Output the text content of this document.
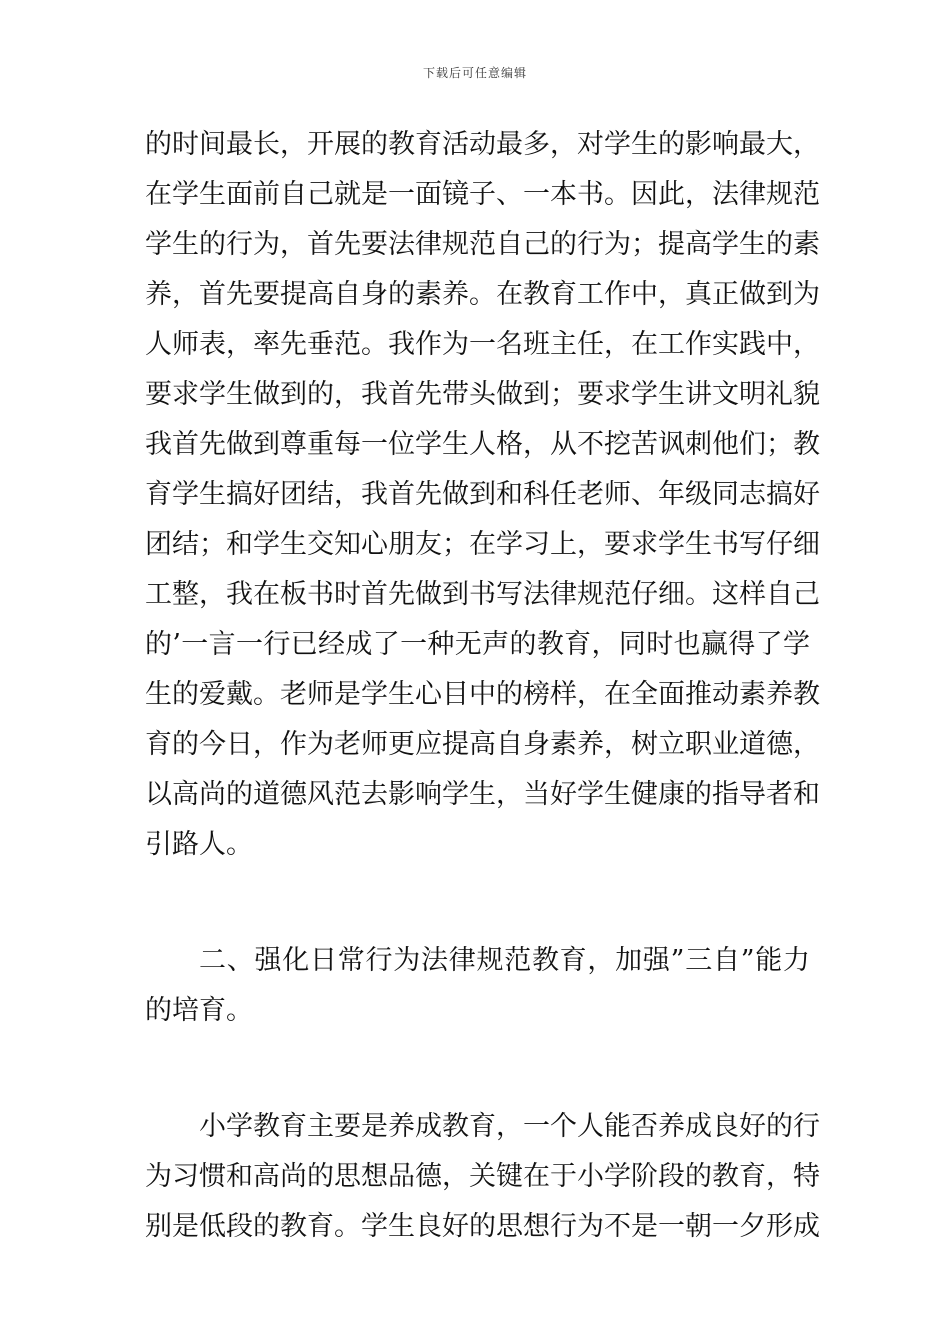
下载后可任意编辑
的时间最长，开展的教育活动最多，对学生的影响最大，
在学生面前自己就是一面镜子、一本书。因此，法律规范
学生的行为，首先要法律规范自己的行为；提高学生的素
养，首先要提高自身的素养。在教育工作中，真正做到为
人师表，率先垂范。我作为一名班主任，在工作实践中，
要求学生做到的，我首先带头做到；要求学生讲文明礼貌
我首先做到尊重每一位学生人格，从不挖苦讽刺他们；教
育学生搞好团结，我首先做到和科任老师、年级同志搞好
团结；和学生交知心朋友；在学习上，要求学生书写仔细
工整，我在板书时首先做到书写法律规范仔细。这样自己
的’一言一行已经成了一种无声的教育，同时也赢得了学
生的爱戴。老师是学生心目中的榜样，在全面推动素养教
育的今日，作为老师更应提高自身素养，树立职业道德，
以高尚的道德风范去影响学生，当好学生健康的指导者和
引路人。
二、强化日常行为法律规范教育，加强”三自”能力
的培育。
小学教育主要是养成教育，一个人能否养成良好的行
为习惯和高尚的思想品德，关键在于小学阶段的教育，特
别是低段的教育。学生良好的思想行为不是一朝一夕形成
